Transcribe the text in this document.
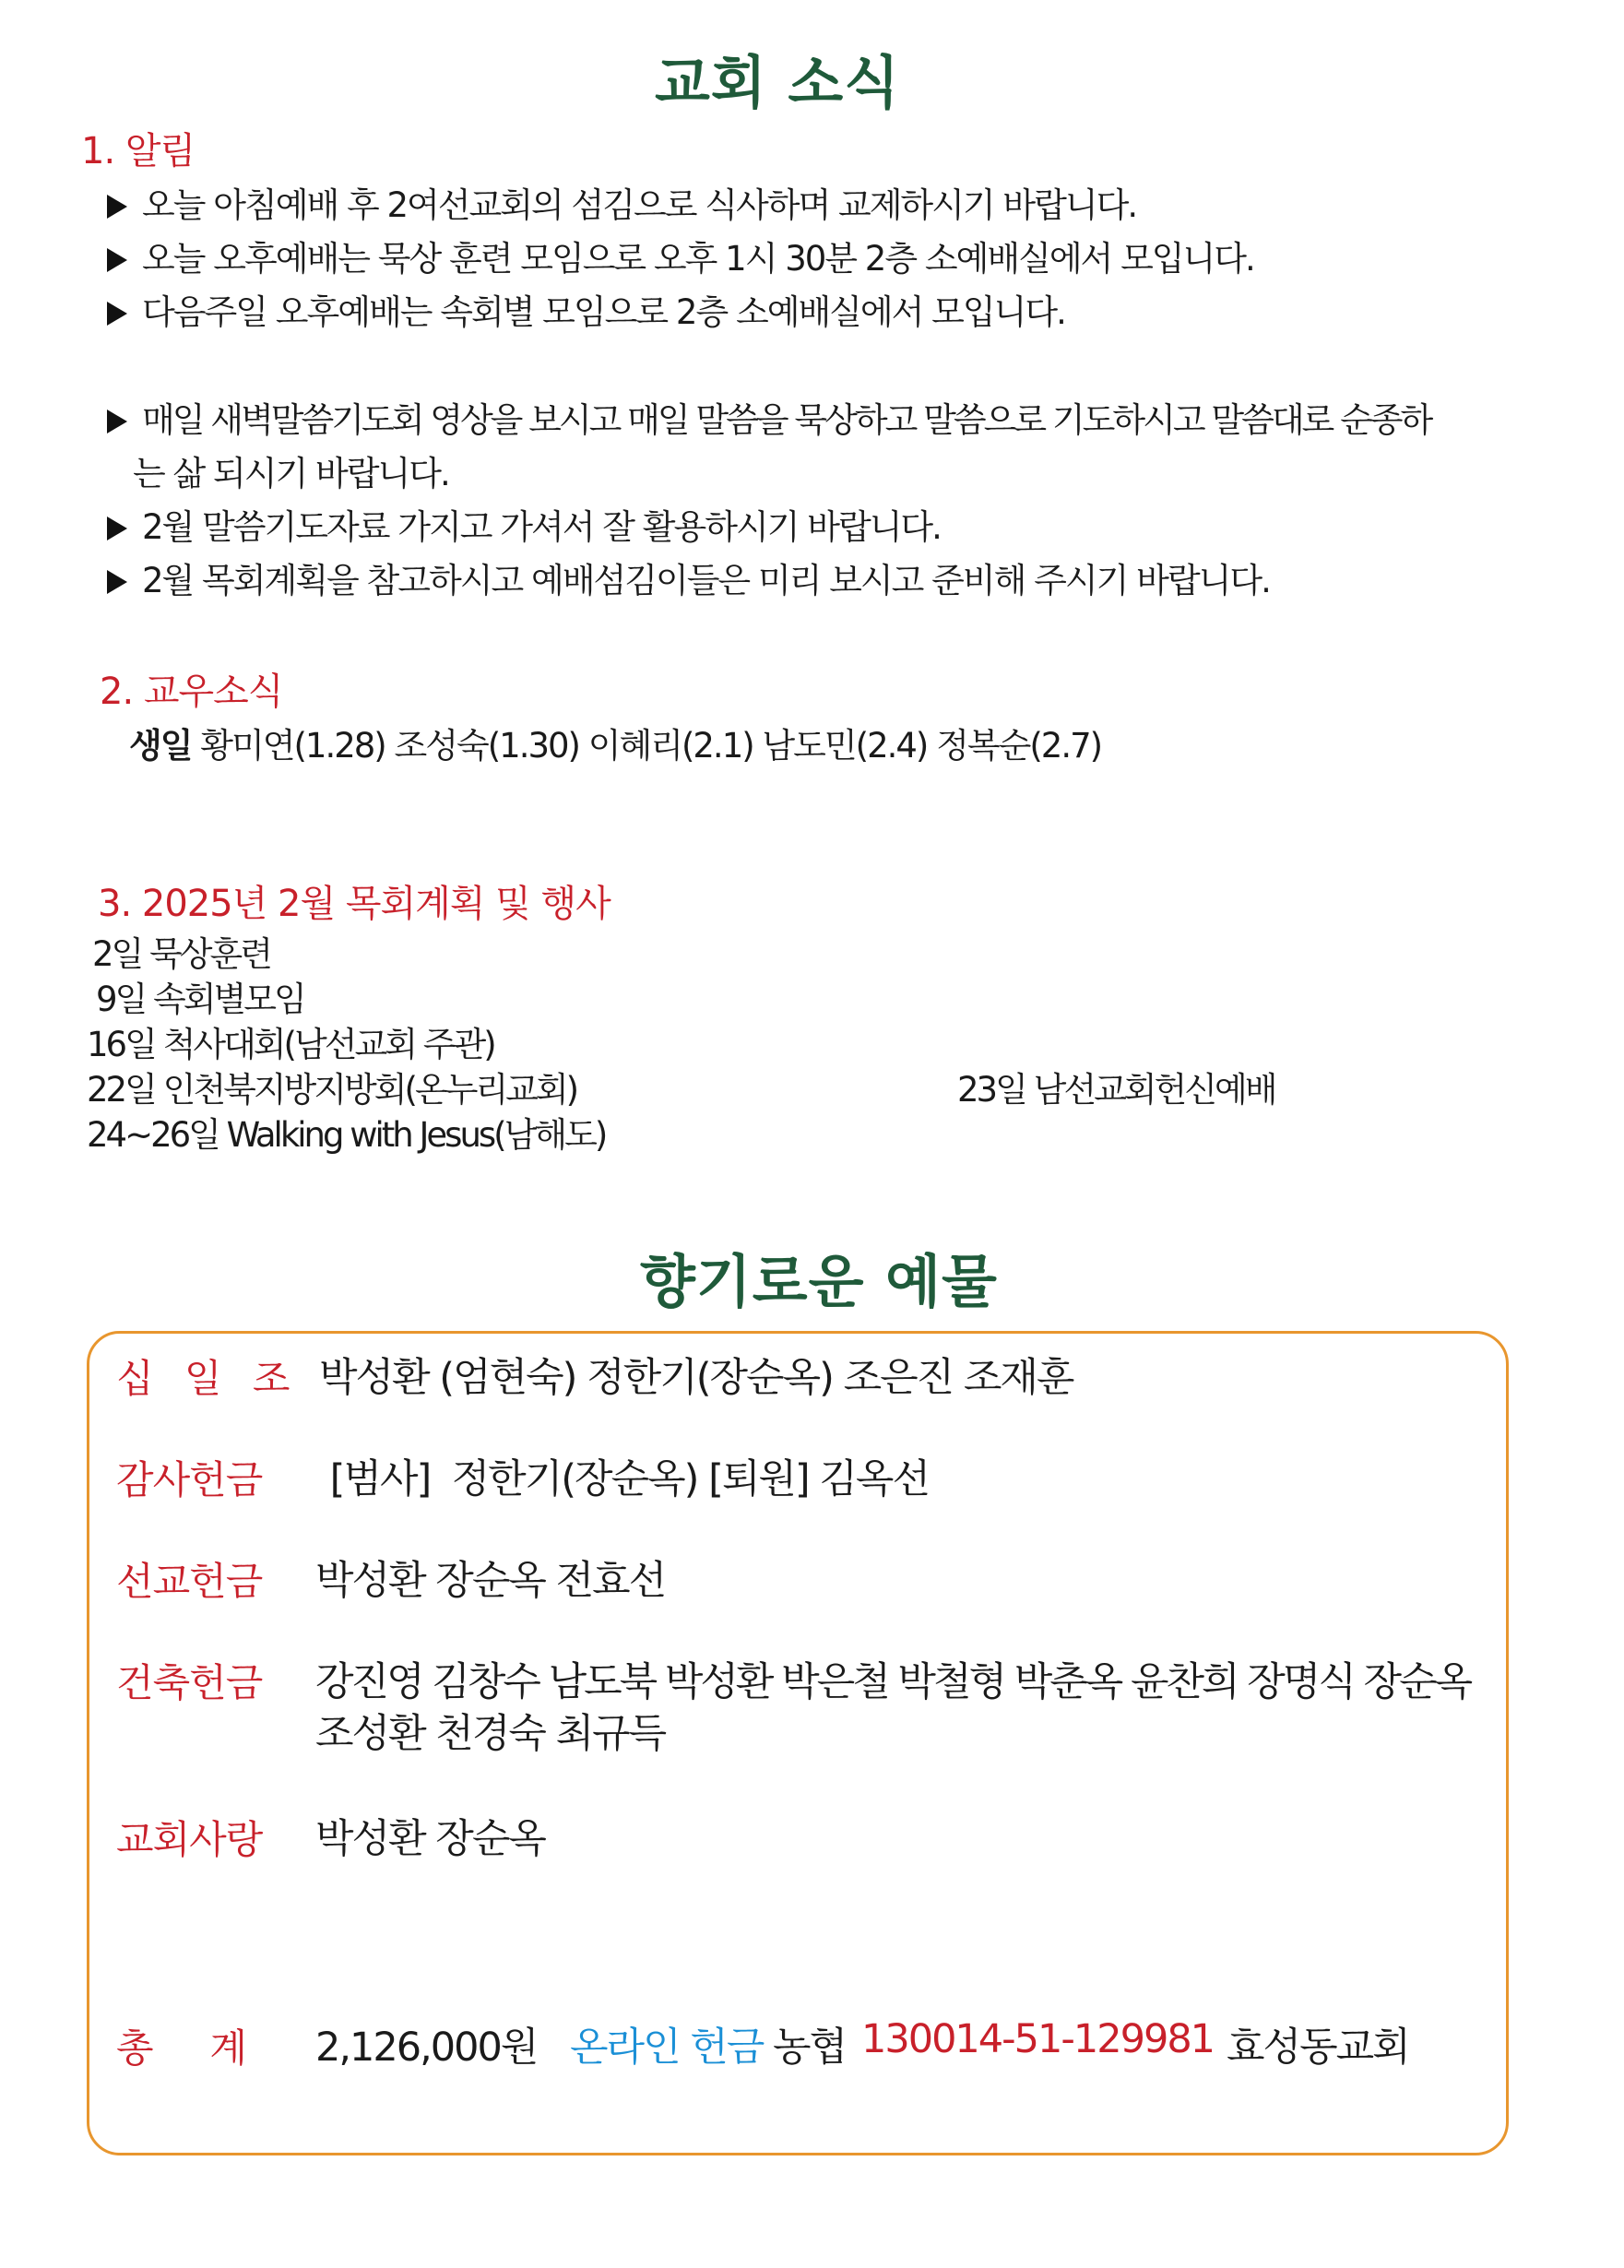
교회 소식
1. 알림
오늘 아침예배 후 2여선교회의 섬김으로 식사하며 교제하시기 바랍니다.
오늘 오후예배는 묵상 훈련 모임으로 오후 1시 30분 2층 소예배실에서 모입니다.
다음주일 오후예배는 속회별 모임으로 2층 소예배실에서 모입니다.
매일 새벽말씀기도회 영상을 보시고 매일 말씀을 묵상하고 말씀으로 기도하시고 말씀대로 순종하
는 삶 되시기 바랍니다.
2월 말씀기도자료 가지고 가셔서 잘 활용하시기 바랍니다.
2월 목회계획을 참고하시고 예배섬김이들은 미리 보시고 준비해 주시기 바랍니다.
2. 교우소식
생일 황미연(1.28) 조성숙(1.30) 이혜리(2.1) 남도민(2.4) 정복순(2.7)
3. 2025년 2월 목회계획 및 행사
2일 묵상훈련
9일 속회별모임
16일 척사대회(남선교회 주관)
22일 인천북지방지방회(온누리교회)	23일 남선교회헌신예배
24~26일 Walking with Jesus(남해도)
향기로운 예물
십 일 조 박성환 (엄현숙) 정한기(장순옥) 조은진 조재훈
감사헌금 [범사]  정한기(장순옥) [퇴원] 김옥선
선교헌금 박성환 장순옥 전효선
건축헌금 강진영 김창수 남도북 박성환 박은철 박철형 박춘옥 윤찬희 장명식 장순옥
조성환 천경숙 최규득
교회사랑 박성환 장순옥
총     계 2,126,000원 온라인 헌금 농협 130014-51-129981 효성동교회
